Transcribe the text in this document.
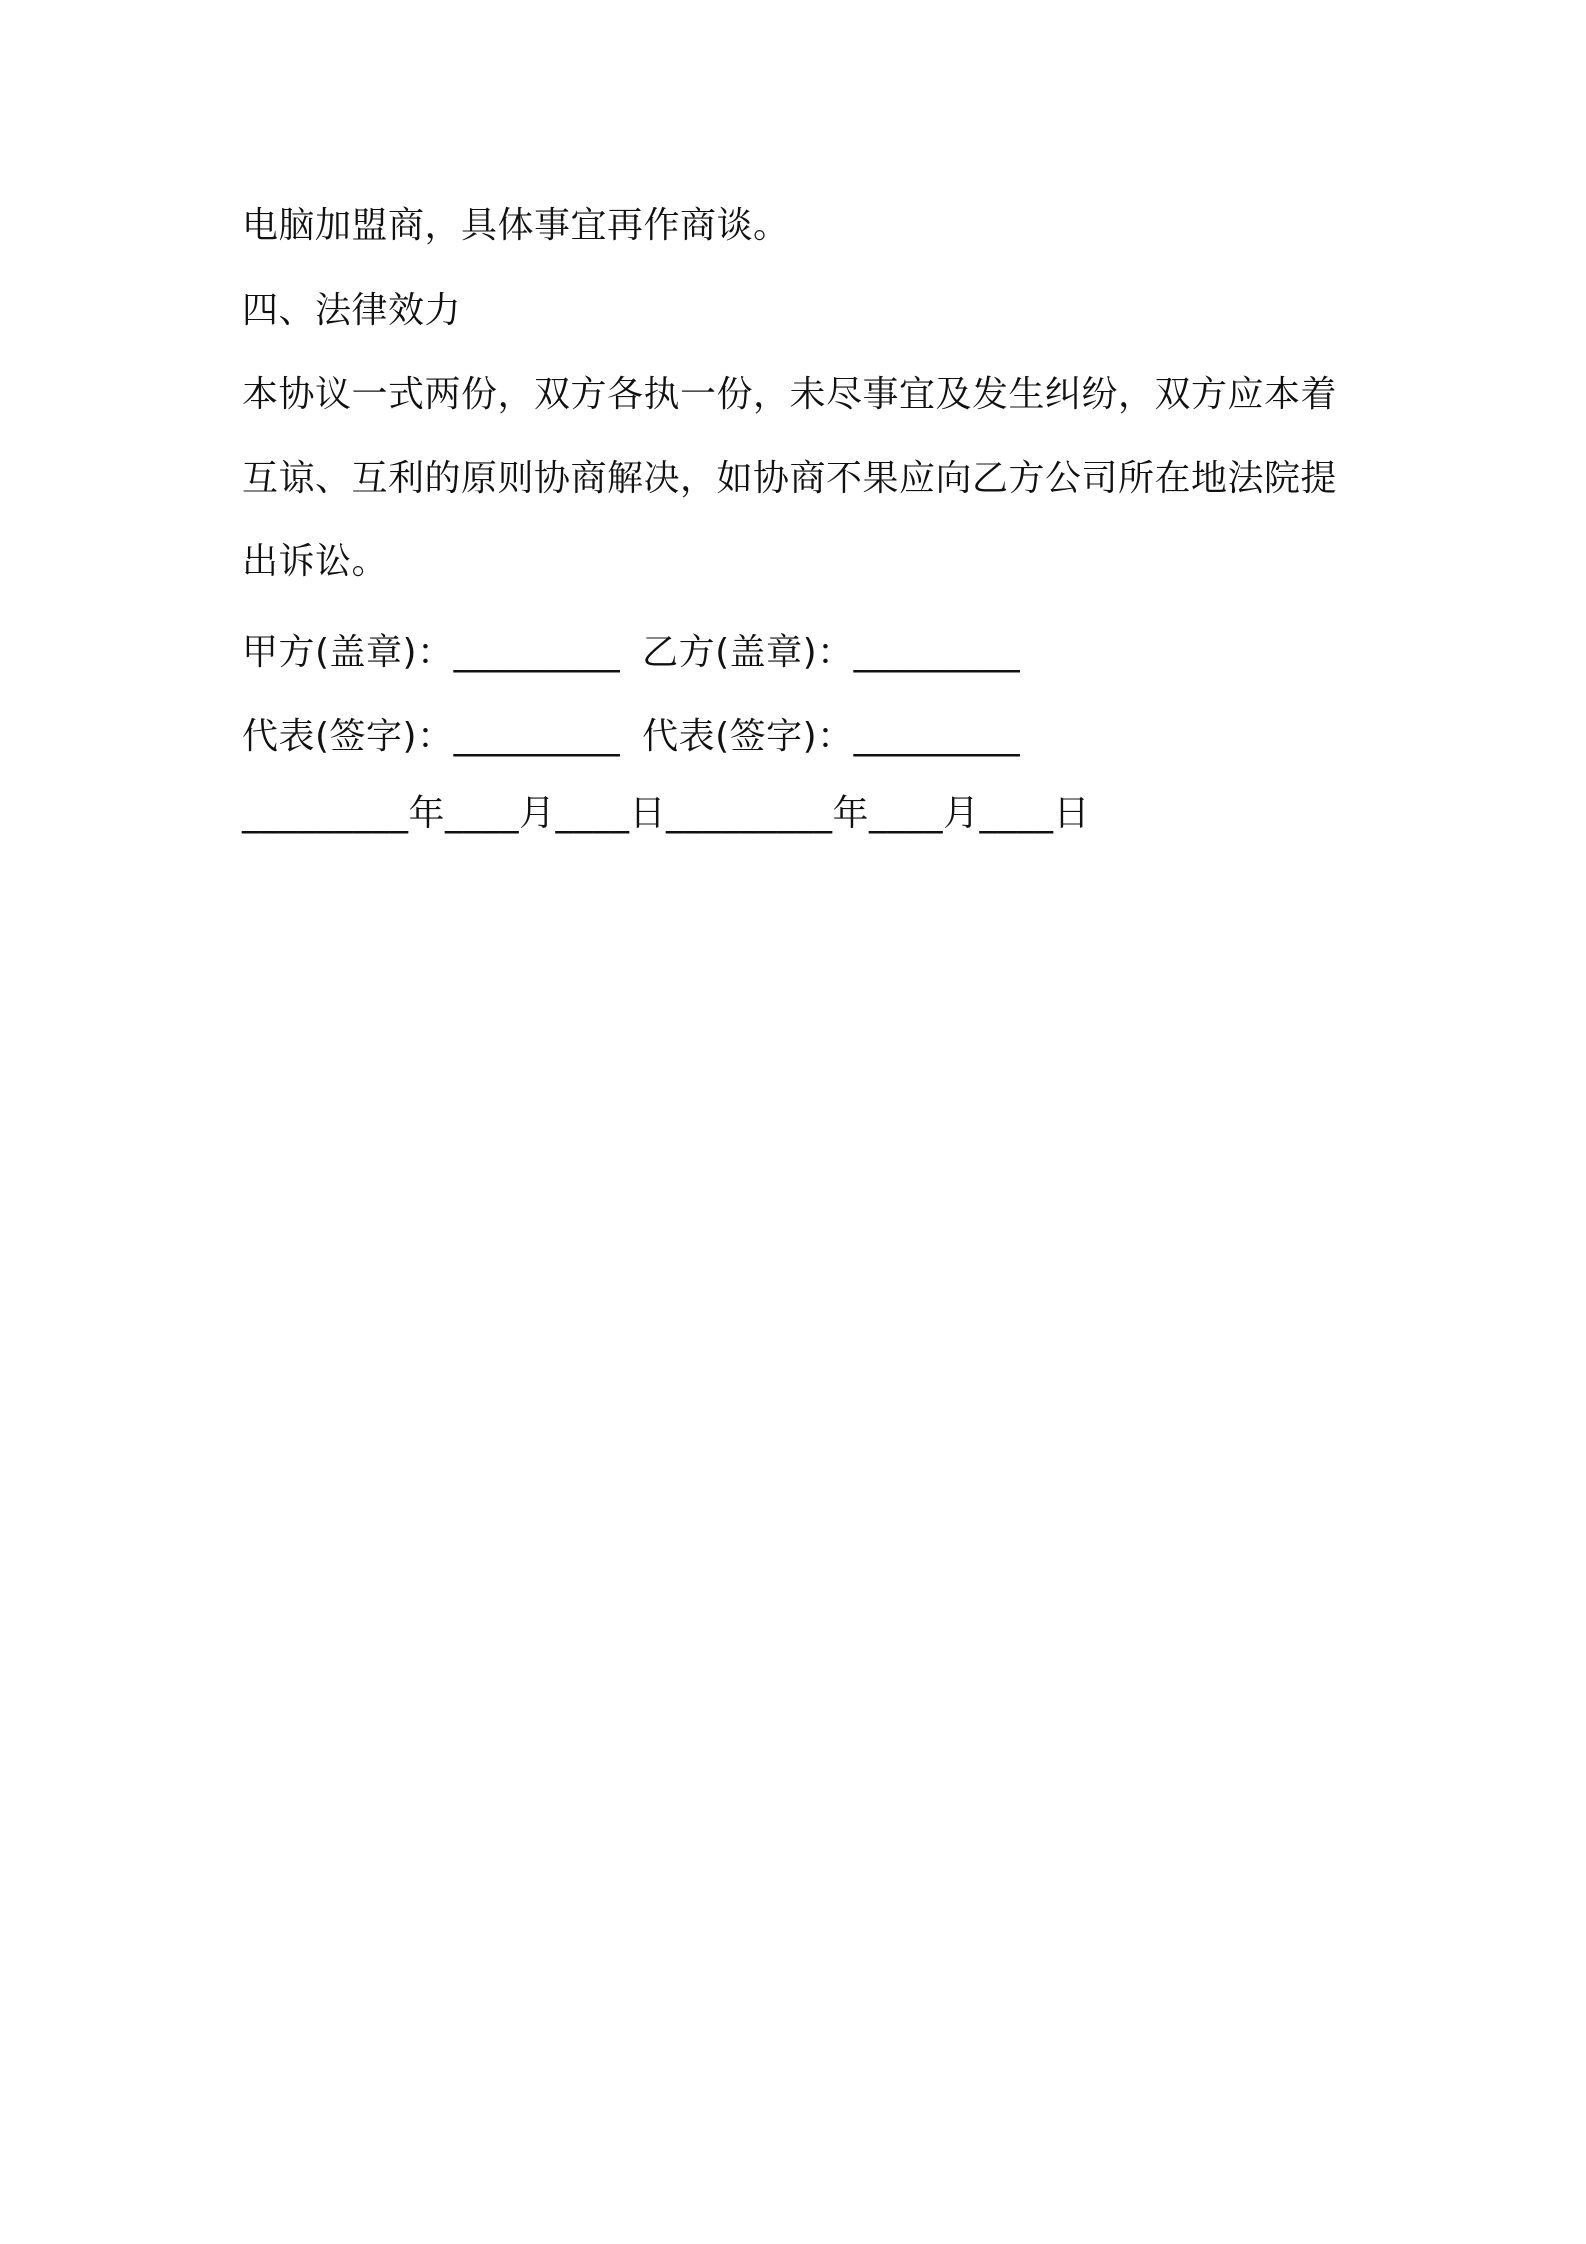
电脑加盟商，具体事宜再作商谈。
四、法律效力
本协议一式两份，双方各执一份，未尽事宜及发生纠纷，双方应本着
互谅、互利的原则协商解决，如协商不果应向乙方公司所在地法院提
出诉讼。
甲方(盖章)：_________ 乙方(盖章)：_________
代表(签字)：_________ 代表(签字)：_________
_________年____月____日_________年____月____日
